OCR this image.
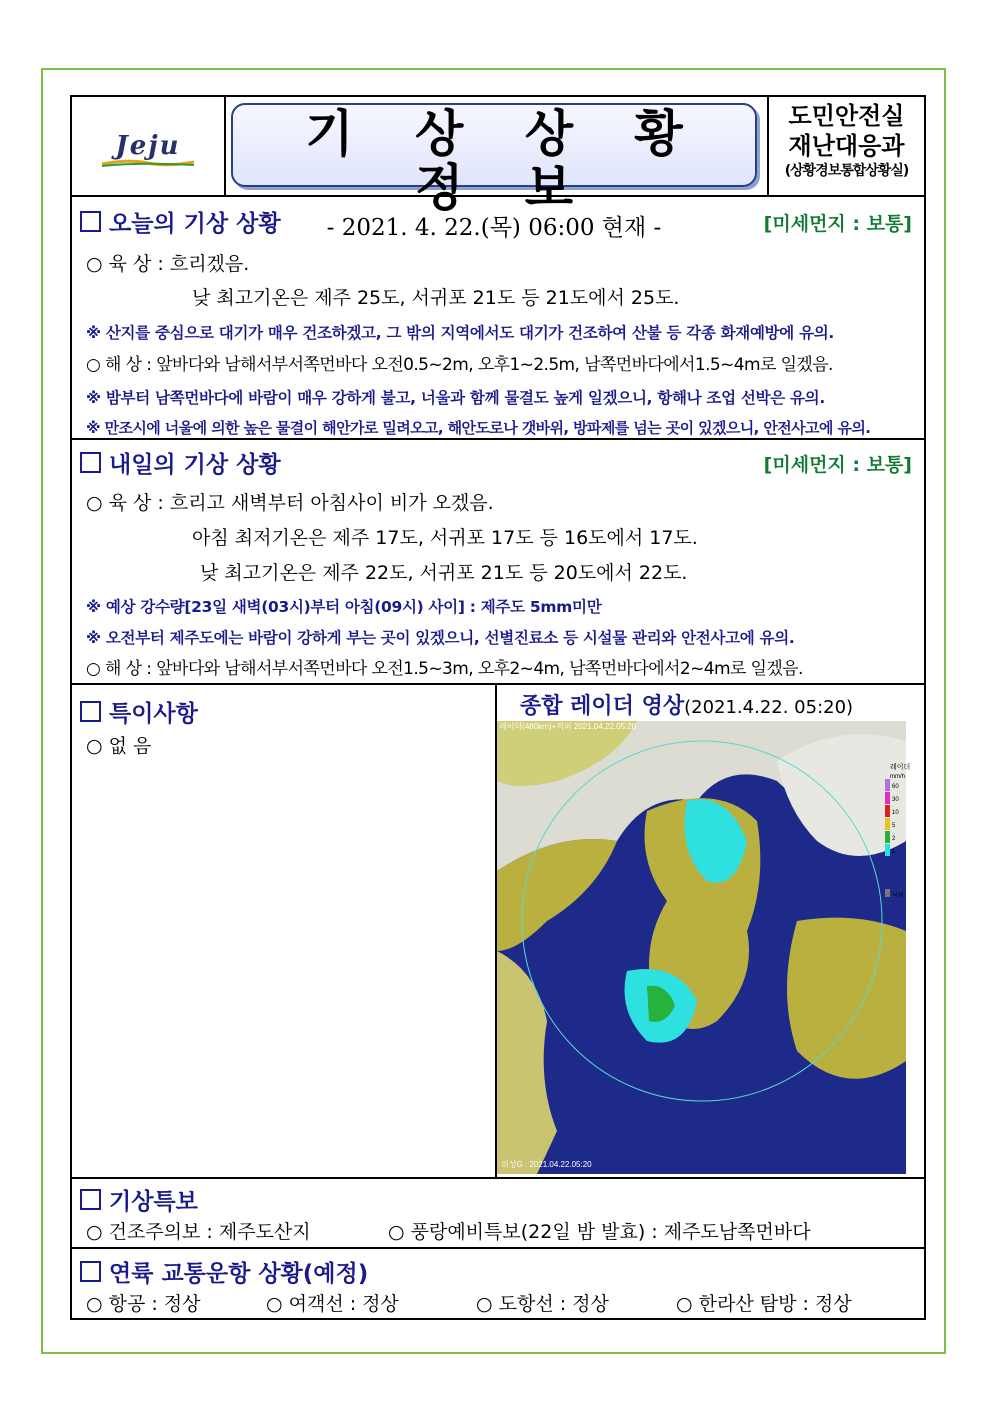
Jeju	기 상 상 황 정 보
- 2021. 4. 22.(목) 06:00 현재 -
도민안전실
재난대응과
(상황경보통합상황실)
오늘의 기상 상황	[미세먼지 : 보통]
○ 육 상 : 흐리겠음.
낮 최고기온은 제주 25도, 서귀포 21도 등 21도에서 25도.
※ 산지를 중심으로 대기가 매우 건조하겠고, 그 밖의 지역에서도 대기가 건조하여 산불 등 각종 화재예방에 유의.
○ 해 상 : 앞바다와 남해서부서쪽먼바다 오전0.5~2m, 오후1~2.5m, 남쪽먼바다에서1.5~4m로 일겠음.
※ 밤부터 남쪽먼바다에 바람이 매우 강하게 불고, 너울과 함께 물결도 높게 일겠으니, 항해나 조업 선박은 유의.
※ 만조시에 너울에 의한 높은 물결이 해안가로 밀려오고, 해안도로나 갯바위, 방파제를 넘는 곳이 있겠으니, 안전사고에 유의.
내일의 기상 상황	[미세먼지 : 보통]
○ 육 상 : 흐리고 새벽부터 아침사이 비가 오겠음.
아침 최저기온은 제주 17도, 서귀포 17도 등 16도에서 17도.
낮 최고기온은 제주 22도, 서귀포 21도 등 20도에서 22도.
※ 예상 강수량[23일 새벽(03시)부터 아침(09시) 사이] : 제주도 5mm미만
※ 오전부터 제주도에는 바람이 강하게 부는 곳이 있겠으니, 선별진료소 등 시설물 관리와 안전사고에 유의.
○ 해 상 : 앞바다와 남해서부서쪽먼바다 오전1.5~3m, 오후2~4m, 남쪽먼바다에서2~4m로 일겠음.
특이사항
○ 없 음
종합 레이더 영상(2021.4.22. 05:20)
레이더(480km)+적외 2021.04.22.05:20
위성G : 2021.04.22.05:20
레이더
mm/h
60
30
10
5
2
1
낙뢰
기상특보
○ 건조주의보 : 제주도산지	○ 풍랑예비특보(22일 밤 발효) : 제주도남쪽먼바다
연륙 교통운항 상황(예정)
○ 항공 : 정상	○ 여객선 : 정상	○ 도항선 : 정상	○ 한라산 탐방 : 정상
